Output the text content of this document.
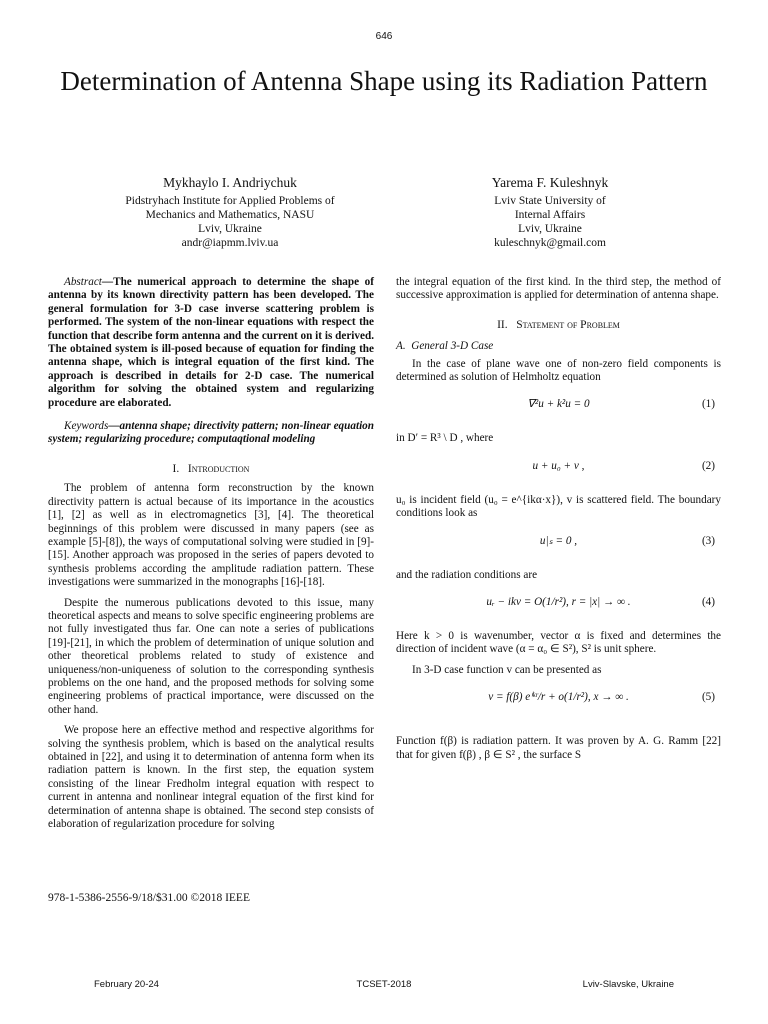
646
Determination of Antenna Shape using its Radiation Pattern
Mykhaylo I. Andriychuk
Pidstryhach Institute for Applied Problems of
Mechanics and Mathematics, NASU
Lviv, Ukraine
andr@iapmm.lviv.ua
Yarema F. Kuleshnyk
Lviv State University of
Internal Affairs
Lviv, Ukraine
kuleschnyk@gmail.com

Abstract—The numerical approach to determine the shape of antenna by its known directivity pattern has been developed. The general formulation for 3-D case inverse scattering problem is performed. The system of the non-linear equations with respect the function that describe form antenna and the current on it is derived. The obtained system is ill-posed because of equation for finding the antenna shape, which is integral equation of the first kind. The approach is described in details for 2-D case. The numerical algorithm for solving the obtained system and regularizing procedure are elaborated.

Keywords—antenna shape; directivity pattern; non-linear equation system; regularizing procedure; computaqtional modeling

I. Introduction

The problem of antenna form reconstruction by the known directivity pattern is actual because of its importance in the acoustics [1], [2] as well as in electromagnetics [3], [4]. The theoretical beginnings of this problem were discussed in many papers (see as example [5]-[8]), the ways of computational solving were studied in [9]-[15]. Another approach was proposed in the series of papers devoted to synthesis problems according the amplitude radiation pattern. These investigations were summarized in the monographs [16]-[18].

Despite the numerous publications devoted to this issue, many theoretical aspects and means to solve specific engineering problems are not fully investigated thus far. One can note a series of publications [19]-[21], in which the problem of determination of unique solution and other theoretical problems related to study of existence and uniqueness/non-uniqueness of solution to the corresponding synthesis problems on the one hand, and the proposed methods for solving some engineering problems of practical importance, were discussed on the other hand.

We propose here an effective method and respective algorithms for solving the synthesis problem, which is based on the analytical results obtained in [22], and using it to determination of antenna form when its radiation pattern is known. In the first step, the equation system consisting of the linear Fredholm integral equation with respect to current in antenna and nonlinear integral equation of the first kind for determination of antenna shape is obtained. The second step consists of elaboration of regularization procedure for solving

the integral equation of the first kind. In the third step, the method of successive approximation is applied for determination of antenna shape.

II. Statement of Problem

A. General 3-D Case

In the case of plane wave one of non-zero field components is determined as solution of Helmholtz equation

∇²u + k²u = 0	(1)

in D′ = R³ \ D , where

u + u₀ + v ,	(2)

u₀ is incident field (u₀ = e^{ikα·x}), v is scattered field. The boundary conditions look as

u|ₛ = 0 ,	(3)

and the radiation conditions are

uᵣ − ikv = O(1/r²), r = |x| → ∞ .	(4)

Here k > 0 is wavenumber, vector α is fixed and determines the direction of incident wave (α = α₀ ∈ S²), S² is unit sphere.

In 3-D case function v can be presented as

v = f(β) eⁱᵏʳ/r + o(1/r²), x → ∞ .	(5)

Function f(β) is radiation pattern. It was proven by A. G. Ramm [22] that for given f(β) , β ∈ S² , the surface S

978-1-5386-2556-9/18/$31.00 ©2018 IEEE
February 20-24	TCSET-2018	Lviv-Slavske, Ukraine
